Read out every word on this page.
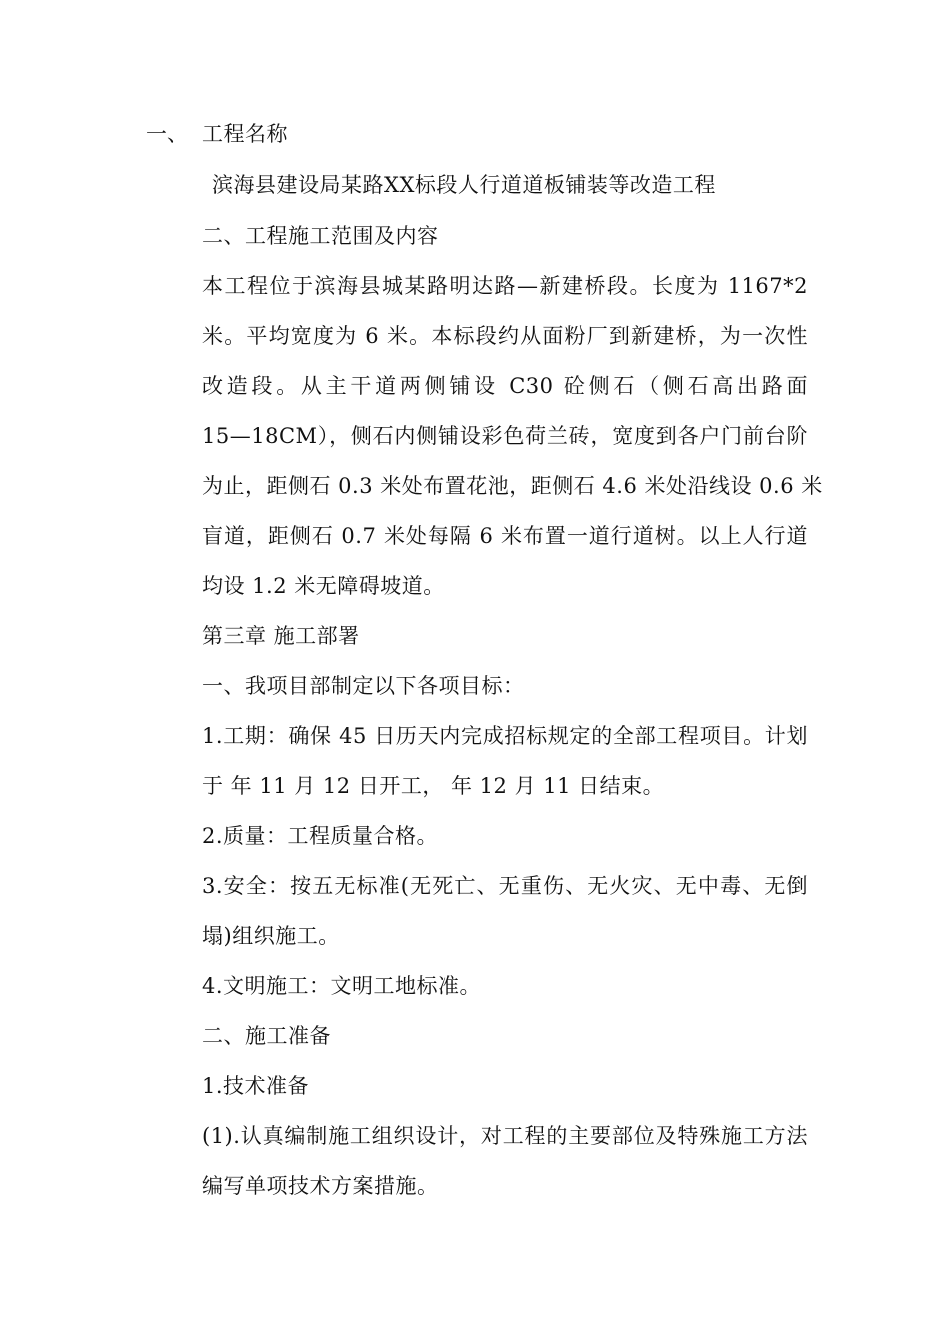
一、 工程名称
滨海县建设局某路XX标段人行道道板铺装等改造工程
二、工程施工范围及内容
本工程位于滨海县城某路明达路—新建桥段。长度为 1167*2
米。平均宽度为 6 米。本标段约从面粉厂到新建桥，为一次性
改造段。从主干道两侧铺设 C30 砼侧石（侧石高出路面
15—18CM），侧石内侧铺设彩色荷兰砖，宽度到各户门前台阶
为止，距侧石 0.3 米处布置花池，距侧石 4.6 米处沿线设 0.6 米
盲道，距侧石 0.7 米处每隔 6 米布置一道行道树。以上人行道
均设 1.2 米无障碍坡道。
第三章 施工部署
一、我项目部制定以下各项目标：
1.工期：确保 45 日历天内完成招标规定的全部工程项目。计划
于 年 11 月 12 日开工， 年 12 月 11 日结束。
2.质量：工程质量合格。
3.安全：按五无标准(无死亡、无重伤、无火灾、无中毒、无倒
塌)组织施工。
4.文明施工：文明工地标准。
二、施工准备
1.技术准备
(1).认真编制施工组织设计，对工程的主要部位及特殊施工方法
编写单项技术方案措施。
